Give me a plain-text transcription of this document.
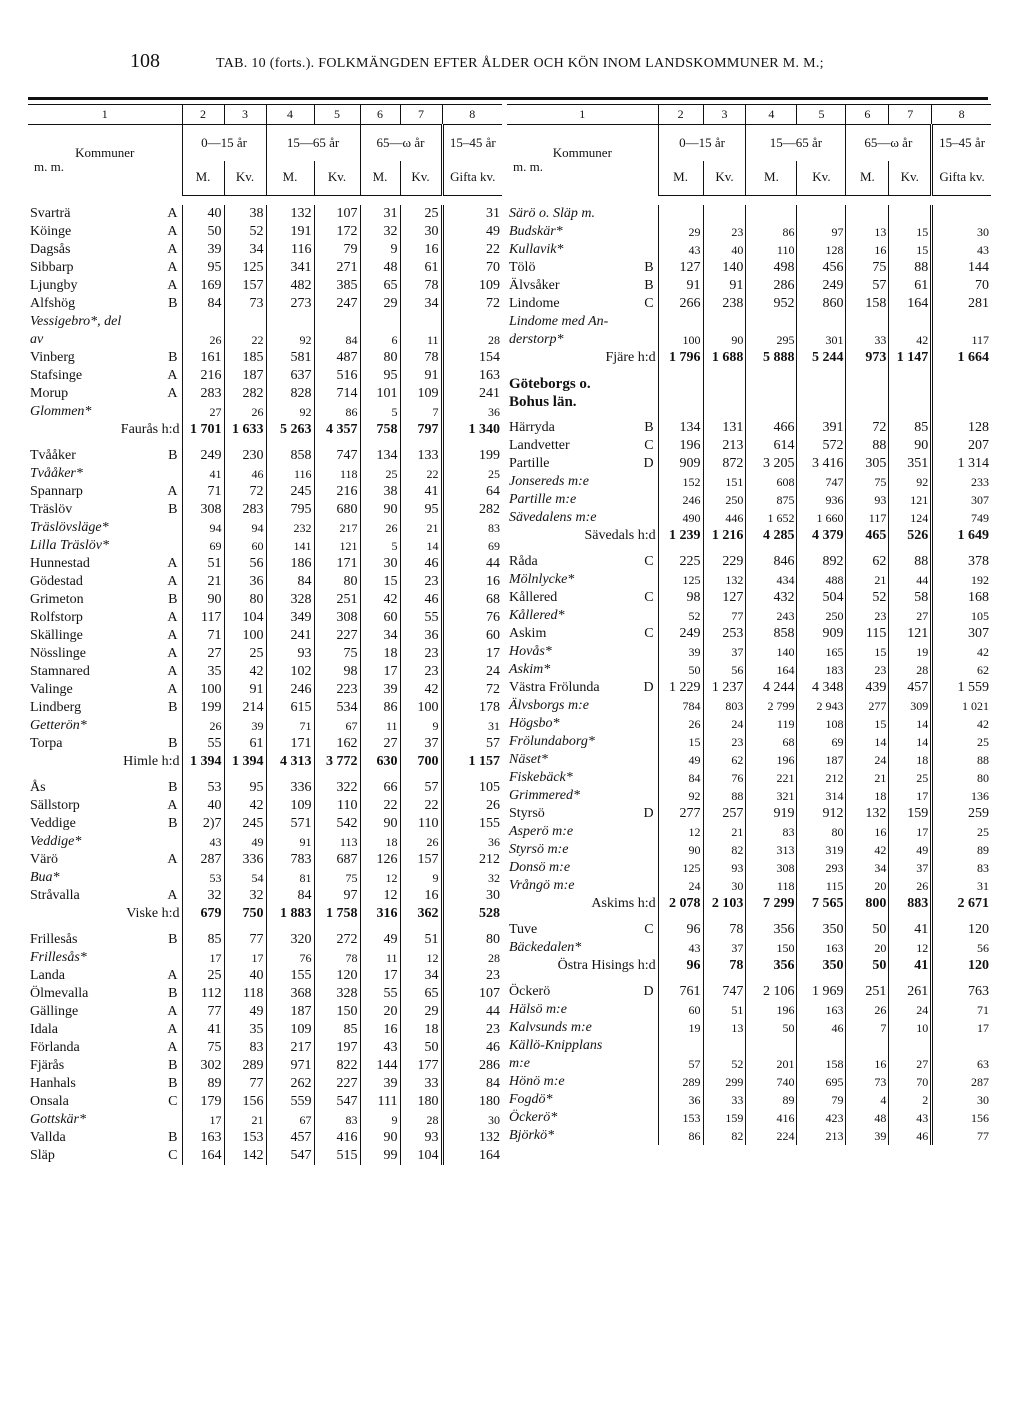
108	TAB. 10 (forts.). FOLKMÄNGDEN EFTER ÅLDER OCH KÖN INOM LANDSKOMMUNER M. M.;
1	2	3	4	5	6	7	8

Kommuner
m. m.	0—15 år		15—65 år		65—ω år		15–45 år
	M.	Kv.	M.	Kv.	M.	Kv.	Gifta kv.

Svarträ A	40	38	132	107	31	25	31
Köinge A	50	52	191	172	32	30	49
Dagsås A	39	34	116	79	9	16	22
Sibbarp A	95	125	341	271	48	61	70
Ljungby A	169	157	482	385	65	78	109
Alfshög B	84	73	273	247	29	34	72
Vessigebro*, del							
av	26	22	92	84	6	11	28
Vinberg B	161	185	581	487	80	78	154
Stafsinge A	216	187	637	516	95	91	163
Morup A	283	282	828	714	101	109	241
Glommen*	27	26	92	86	5	7	36
Faurås h:d	1 701	1 633	5 263	4 357	758	797	1 340

Tvååker B	249	230	858	747	134	133	199
Tvååker*	41	46	116	118	25	22	25
Spannarp A	71	72	245	216	38	41	64
Träslöv B	308	283	795	680	90	95	282
Träslövsläge*	94	94	232	217	26	21	83
Lilla Träslöv*	69	60	141	121	5	14	69
Hunnestad A	51	56	186	171	30	46	44
Gödestad A	21	36	84	80	15	23	16
Grimeton B	90	80	328	251	42	46	68
Rolfstorp A	117	104	349	308	60	55	76
Skällinge A	71	100	241	227	34	36	60
Nösslinge A	27	25	93	75	18	23	17
Stamnared A	35	42	102	98	17	23	24
Valinge A	100	91	246	223	39	42	72
Lindberg B	199	214	615	534	86	100	178
Getterön*	26	39	71	67	11	9	31
Torpa B	55	61	171	162	27	37	57
Himle h:d	1 394	1 394	4 313	3 772	630	700	1 157

Ås B	53	95	336	322	66	57	105
Sällstorp A	40	42	109	110	22	22	26
Veddige B	2)7	245	571	542	90	110	155
Veddige*	43	49	91	113	18	26	36
Värö A	287	336	783	687	126	157	212
Bua*	53	54	81	75	12	9	32
Stråvalla A	32	32	84	97	12	16	30
Viske h:d	679	750	1 883	1 758	316	362	528

Frillesås B	85	77	320	272	49	51	80
Frillesås*	17	17	76	78	11	12	28
Landa A	25	40	155	120	17	34	23
Ölmevalla B	112	118	368	328	55	65	107
Gällinge A	77	49	187	150	20	29	44
Idala A	41	35	109	85	16	18	23
Förlanda A	75	83	217	197	43	50	46
Fjärås B	302	289	971	822	144	177	286
Hanhals B	89	77	262	227	39	33	84
Onsala C	179	156	559	547	111	180	180
Gottskär*	17	21	67	83	9	28	30
Vallda B	163	153	457	416	90	93	132
Släp C	164	142	547	515	99	104	164
1	2	3	4	5	6	7	8

Kommuner
m. m.	0—15 år		15—65 år		65—ω år		15–45 år
	M.	Kv.	M.	Kv.	M.	Kv.	Gifta kv.

Särö o. Släp m.							
Budskär*	29	23	86	97	13	15	30
Kullavik*	43	40	110	128	16	15	43
Tölö B	127	140	498	456	75	88	144
Älvsåker B	91	91	286	249	57	61	70
Lindome C	266	238	952	860	158	164	281
Lindome med An-							
derstorp*	100	90	295	301	33	42	117
Fjäre h:d	1 796	1 688	5 888	5 244	973	1 147	1 664

Göteborgs o.							
Bohus län.							

Härryda B	134	131	466	391	72	85	128
Landvetter C	196	213	614	572	88	90	207
Partille D	909	872	3 205	3 416	305	351	1 314
Jonsereds m:e	152	151	608	747	75	92	233
Partille m:e	246	250	875	936	93	121	307
Sävedalens m:e	490	446	1 652	1 660	117	124	749
Sävedals h:d	1 239	1 216	4 285	4 379	465	526	1 649

Råda C	225	229	846	892	62	88	378
Mölnlycke*	125	132	434	488	21	44	192
Kållered C	98	127	432	504	52	58	168
Kållered*	52	77	243	250	23	27	105
Askim C	249	253	858	909	115	121	307
Hovås*	39	37	140	165	15	19	42
Askim*	50	56	164	183	23	28	62
Västra Frölunda D	1 229	1 237	4 244	4 348	439	457	1 559
Älvsborgs m:e	784	803	2 799	2 943	277	309	1 021
Högsbo*	26	24	119	108	15	14	42
Frölundaborg*	15	23	68	69	14	14	25
Näset*	49	62	196	187	24	18	88
Fiskebäck*	84	76	221	212	21	25	80
Grimmered*	92	88	321	314	18	17	136
Styrsö D	277	257	919	912	132	159	259
Asperö m:e	12	21	83	80	16	17	25
Styrsö m:e	90	82	313	319	42	49	89
Donsö m:e	125	93	308	293	34	37	83
Vrångö m:e	24	30	118	115	20	26	31
Askims h:d	2 078	2 103	7 299	7 565	800	883	2 671

Tuve C	96	78	356	350	50	41	120
Bäckedalen*	43	37	150	163	20	12	56
Östra Hisings h:d	96	78	356	350	50	41	120

Öckerö D	761	747	2 106	1 969	251	261	763
Hälsö m:e	60	51	196	163	26	24	71
Kalvsunds m:e	19	13	50	46	7	10	17
Källö-Knipplans							
m:e	57	52	201	158	16	27	63
Hönö m:e	289	299	740	695	73	70	287
Fogdö*	36	33	89	79	4	2	30
Öckerö*	153	159	416	423	48	43	156
Björkö*	86	82	224	213	39	46	77
